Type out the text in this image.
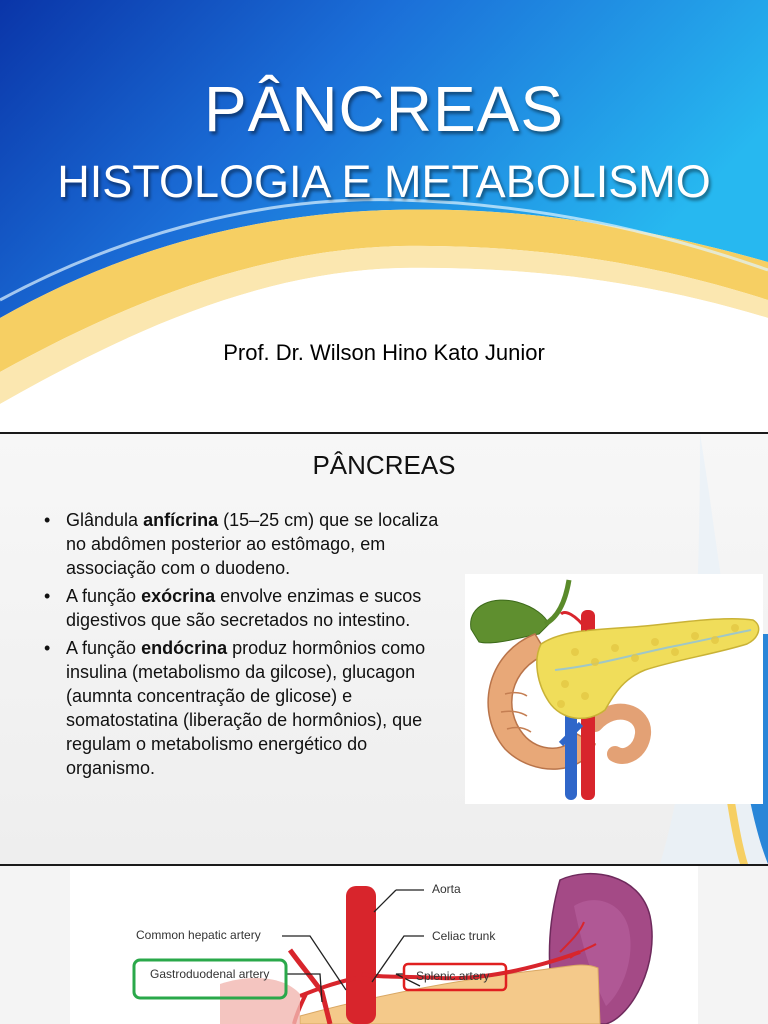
PÂNCREAS
HISTOLOGIA E METABOLISMO
Prof. Dr. Wilson Hino Kato Junior
PÂNCREAS
• Glândula anfícrina (15–25 cm) que se localiza no abdômen posterior ao estômago, em associação com o duodeno.
• A função exócrina envolve enzimas e sucos digestivos que são secretados no intestino.
• A função endócrina produz hormônios como insulina (metabolismo da gilcose), glucagon (aumnta concentração de glicose) e somatostatina (liberação de hormônios), que regulam o metabolismo energético do organismo.
Aorta
Common hepatic artery	Celiac trunk
Gastroduodenal artery	Splenic artery
